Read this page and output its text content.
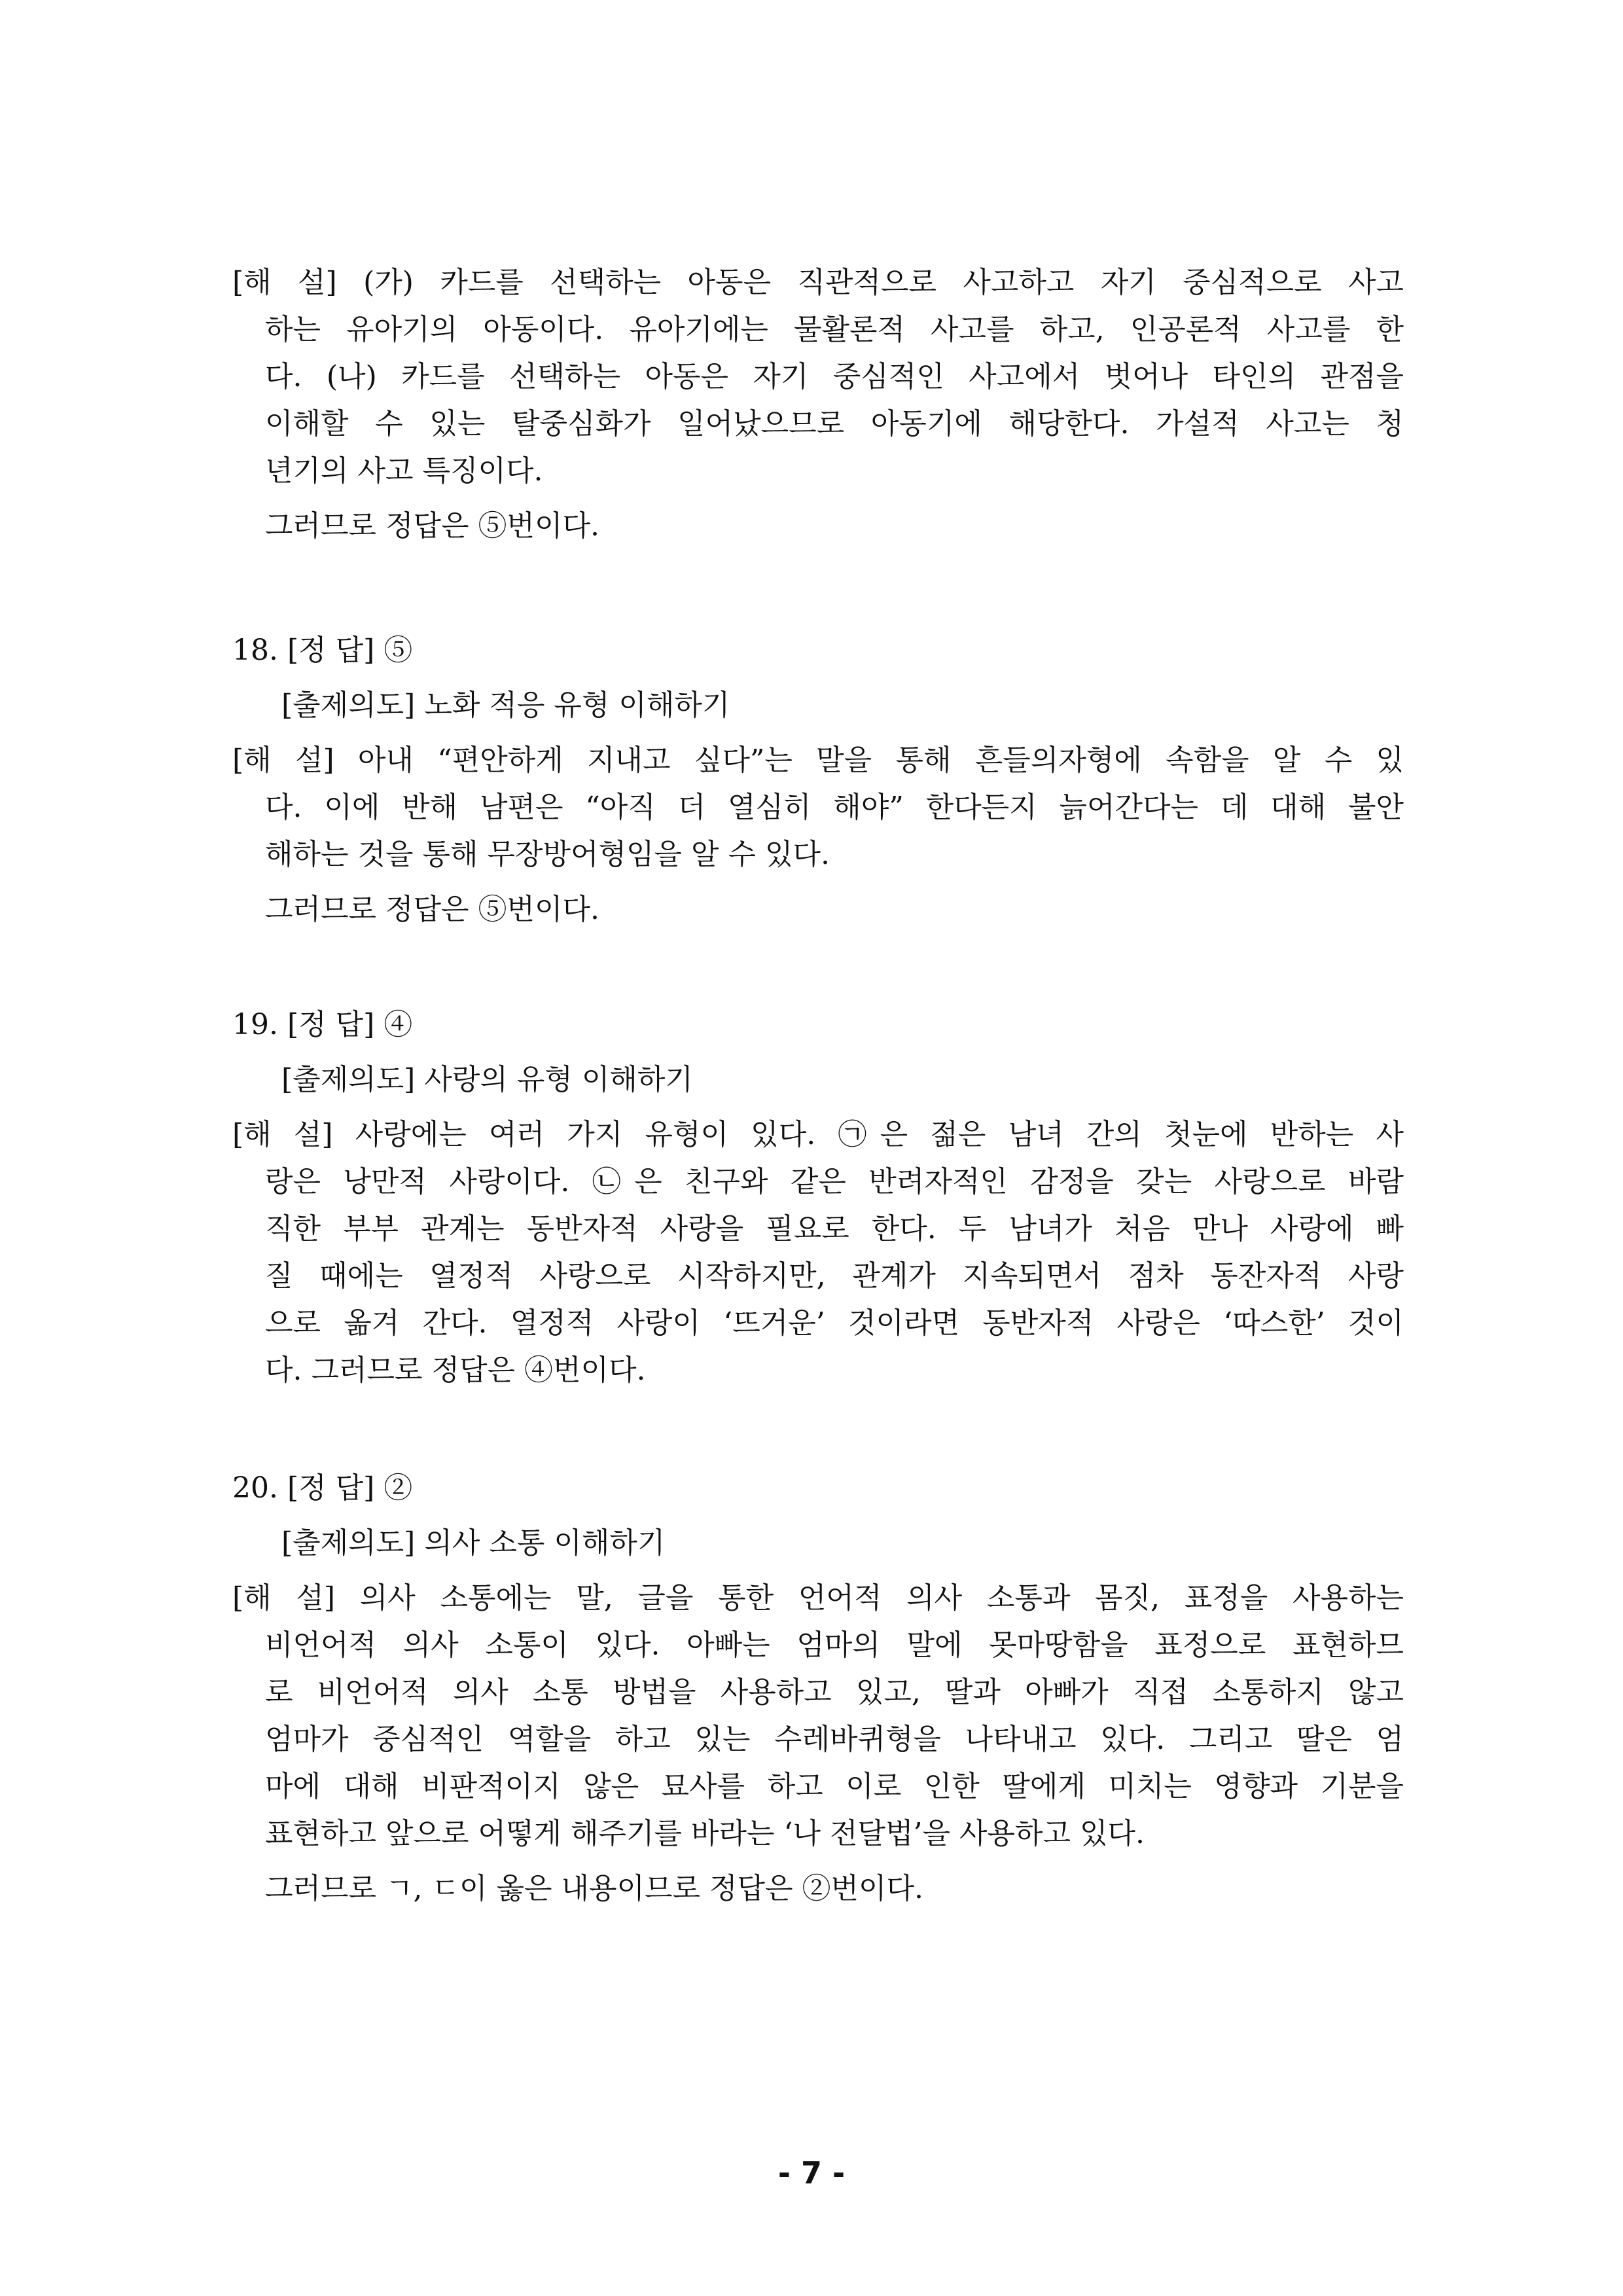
[해 설] (가) 카드를 선택하는 아동은 직관적으로 사고하고 자기 중심적으로 사고
하는 유아기의 아동이다. 유아기에는 물활론적 사고를 하고, 인공론적 사고를 한
다. (나) 카드를 선택하는 아동은 자기 중심적인 사고에서 벗어나 타인의 관점을
이해할 수 있는 탈중심화가 일어났으므로 아동기에 해당한다. 가설적 사고는 청
년기의 사고 특징이다.
그러므로 정답은 ⑤번이다.
18. [정 답] ⑤
[출제의도] 노화 적응 유형 이해하기
[해 설] 아내 “편안하게 지내고 싶다”는 말을 통해 흔들의자형에 속함을 알 수 있
다. 이에 반해 남편은 “아직 더 열심히 해야” 한다든지 늙어간다는 데 대해 불안
해하는 것을 통해 무장방어형임을 알 수 있다.
그러므로 정답은 ⑤번이다.
19. [정 답] ④
[출제의도] 사랑의 유형 이해하기
[해 설] 사랑에는 여러 가지 유형이 있다. ㉠은 젊은 남녀 간의 첫눈에 반하는 사
랑은 낭만적 사랑이다. ㉡은 친구와 같은 반려자적인 감정을 갖는 사랑으로 바람
직한 부부 관계는 동반자적 사랑을 필요로 한다. 두 남녀가 처음 만나 사랑에 빠
질 때에는 열정적 사랑으로 시작하지만, 관계가 지속되면서 점차 동잔자적 사랑
으로 옮겨 간다. 열정적 사랑이 ‘뜨거운’ 것이라면 동반자적 사랑은 ‘따스한’ 것이
다. 그러므로 정답은 ④번이다.
20. [정 답] ②
[출제의도] 의사 소통 이해하기
[해 설] 의사 소통에는 말, 글을 통한 언어적 의사 소통과 몸짓, 표정을 사용하는
비언어적 의사 소통이 있다. 아빠는 엄마의 말에 못마땅함을 표정으로 표현하므
로 비언어적 의사 소통 방법을 사용하고 있고, 딸과 아빠가 직접 소통하지 않고
엄마가 중심적인 역할을 하고 있는 수레바퀴형을 나타내고 있다. 그리고 딸은 엄
마에 대해 비판적이지 않은 묘사를 하고 이로 인한 딸에게 미치는 영향과 기분을
표현하고 앞으로 어떻게 해주기를 바라는 ‘나 전달법’을 사용하고 있다.
그러므로 ㄱ, ㄷ이 옳은 내용이므로 정답은 ②번이다.
- 7 -
